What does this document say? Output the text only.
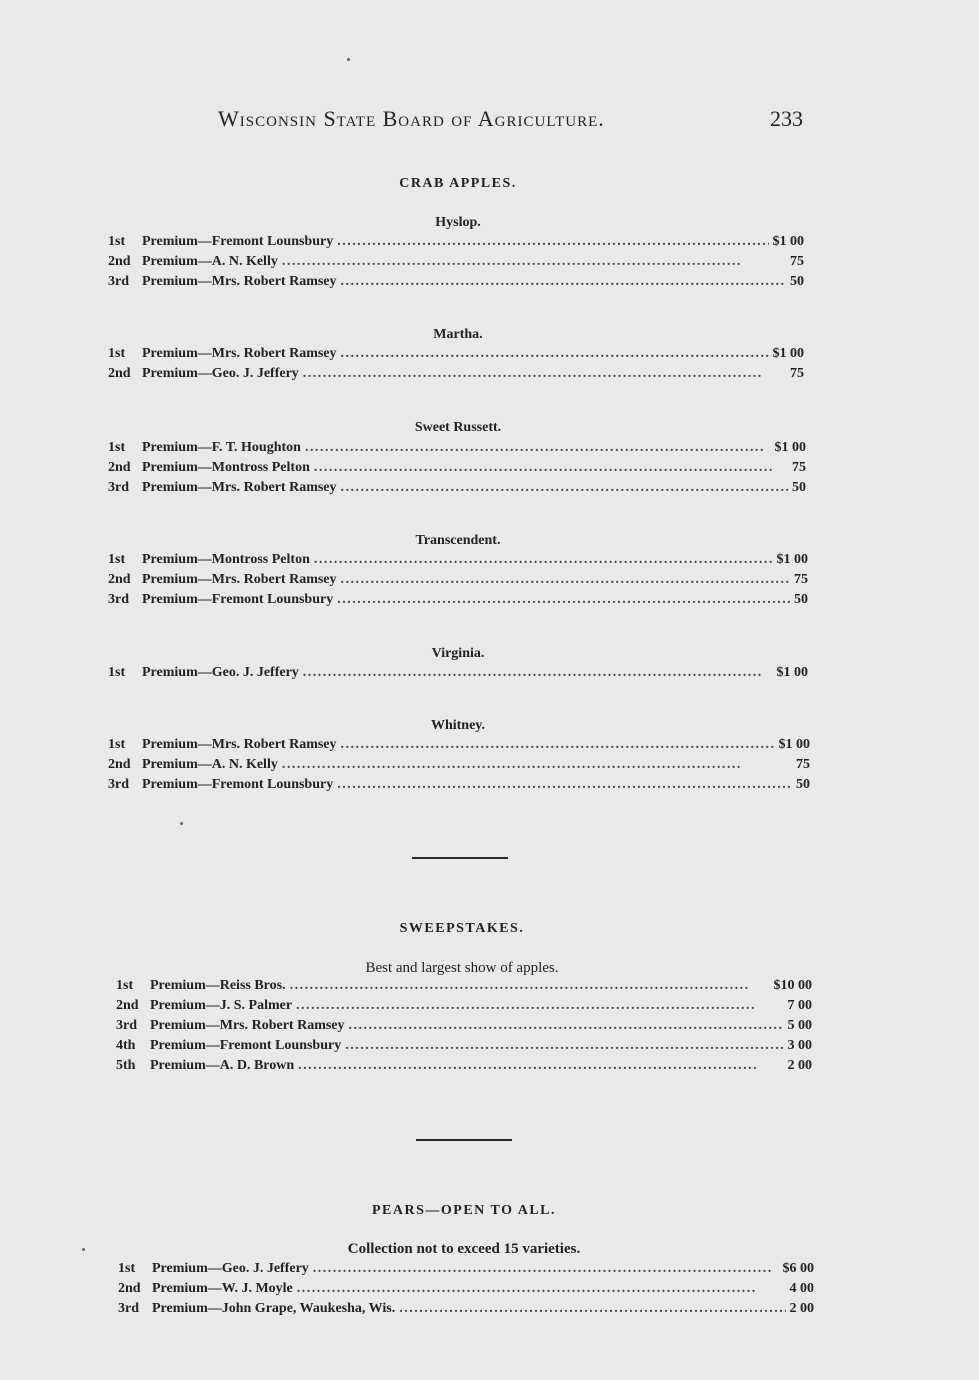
Wisconsin State Board of Agriculture.	233
CRAB APPLES.
Hyslop.
1st	Premium—Fremont Lounsbury . . .	$1 00
2nd Premium—A. N. Kelly . . .	75
3rd Premium—Mrs. Robert Ramsey . . .	50
Martha.
1st	Premium—Mrs. Robert Ramsey . . .	$1 00
2nd Premium—Geo. J. Jeffery . . .	75
Sweet Russett.
1st	Premium—F. T. Houghton . . .	$1 00
2nd Premium—Montross Pelton . . .	75
3rd Premium—Mrs. Robert Ramsey . . .	50
Transcendent.
1st	Premium—Montross Pelton . . .	$1 00
2nd Premium—Mrs. Robert Ramsey . . .	75
3rd Premium—Fremont Lounsbury . . .	50
Virginia.
1st	Premium—Geo. J. Jeffery . . .	$1 00
Whitney.
1st	Premium—Mrs. Robert Ramsey . . .	$1 00
2nd Premium—A. N. Kelly . . .	75
3rd Premium—Fremont Lounsbury . . .	50
SWEEPSTAKES.
Best and largest show of apples.
1st	Premium—Reiss Bros. . . .	$10 00
2nd Premium—J. S. Palmer . . .	7 00
3rd Premium—Mrs. Robert Ramsey . . .	5 00
4th	Premium—Fremont Lounsbury . . .	3 00
5th	Premium—A. D. Brown . . .	2 00
PEARS—OPEN TO ALL.
Collection not to exceed 15 varieties.
1st	Premium—Geo. J. Jeffery . . .	$6 00
2nd Premium—W. J. Moyle . . .	4 00
3rd Premium—John Grape, Waukesha, Wis. . . .	2 00
